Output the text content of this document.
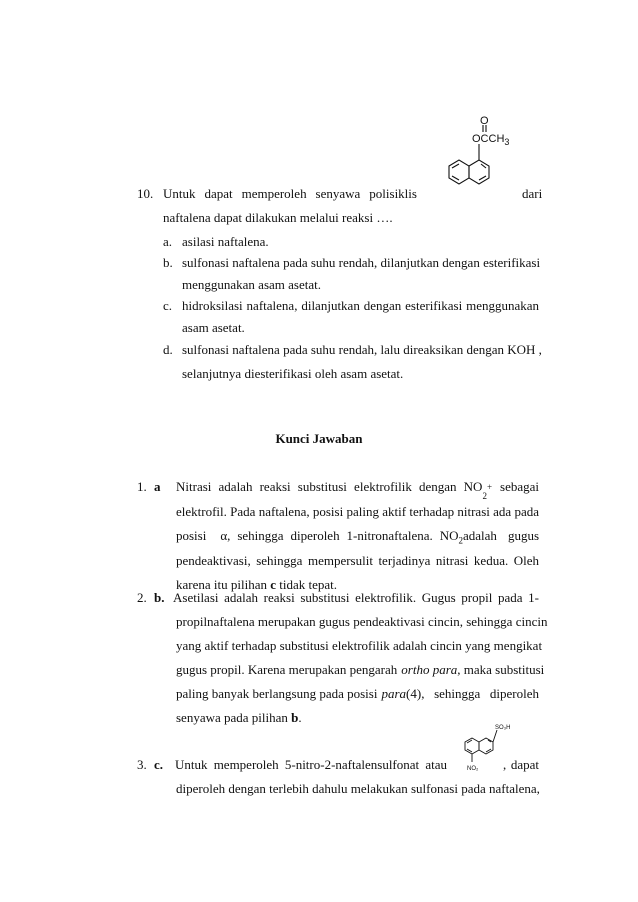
O
$OCCH_3$
10. Untuk dapat memperoleh senyawa polisiklis	dari
naftalena dapat dilakukan melalui reaksi ….
a. asilasi naftalena.
b. sulfonasi naftalena pada suhu rendah, dilanjutkan dengan esterifikasi
menggunakan asam asetat.
c. hidroksilasi naftalena, dilanjutkan dengan esterifikasi menggunakan
asam asetat.
d. sulfonasi naftalena pada suhu rendah, lalu direaksikan dengan KOH ,
selanjutnya diesterifikasi oleh asam asetat.
Kunci Jawaban
1. a Nitrasi adalah reaksi substitusi elektrofilik dengan NO
$_2$+ sebagai
elektrofil. Pada naftalena, posisi paling aktif terhadap nitrasi ada pada
posisi	α , sehingga diperoleh 1-nitronaftalena. NO $_2$ adalah gugus
pendeaktivasi, sehingga mempersulit terjadinya nitrasi kedua. Oleh
karena itu pilihan c tidak tepat.
2. b. Asetilasi adalah reaksi substitusi elektrofilik. Gugus propil pada 1-
propilnaftalena merupakan gugus pendeaktivasi cincin, sehingga cincin
yang aktif terhadap substitusi elektrofilik adalah cincin yang mengikat
gugus propil. Karena merupakan pengarah ortho para , maka substitusi
paling banyak berlangsung pada posisi para (4), sehingga diperoleh
senyawa pada pilihan b.
SO₃H
NO₂
3. c. Untuk memperoleh 5-nitro-2-naftalensulfonat atau	, dapat
diperoleh dengan terlebih dahulu melakukan sulfonasi pada naftalena,
